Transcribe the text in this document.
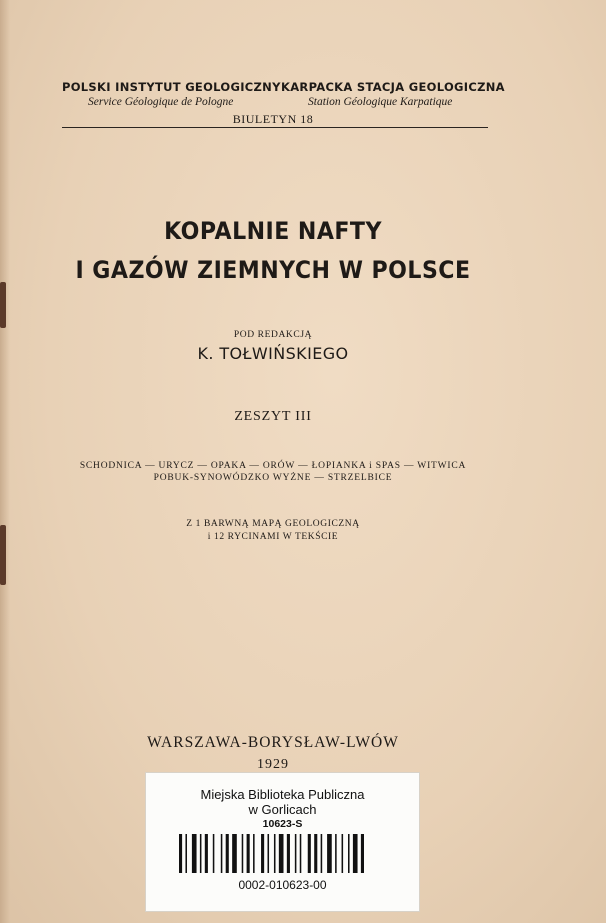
POLSKI INSTYTUT GEOLOGICZNY
Service Géologique de Pologne
KARPACKA STACJA GEOLOGICZNA
Station Géologique Karpatique
BIULETYN 18
KOPALNIE NAFTY
I GAZÓW ZIEMNYCH W POLSCE
POD REDAKCJĄ
K. TOŁWIŃSKIEGO
ZESZYT III
SCHODNICA — URYCZ — OPAKA — ORÓW — ŁOPIANKA i SPAS — WITWICA
POBUK-SYNOWÓDZKO WYŻNE — STRZELBICE
Z 1 BARWNĄ MAPĄ GEOLOGICZNĄ
i 12 RYCINAMI W TEKŚCIE
WARSZAWA-BORYSŁAW-LWÓW
1929
Miejska Biblioteka Publiczna
w Gorlicach
10623-S
0002-010623-00
